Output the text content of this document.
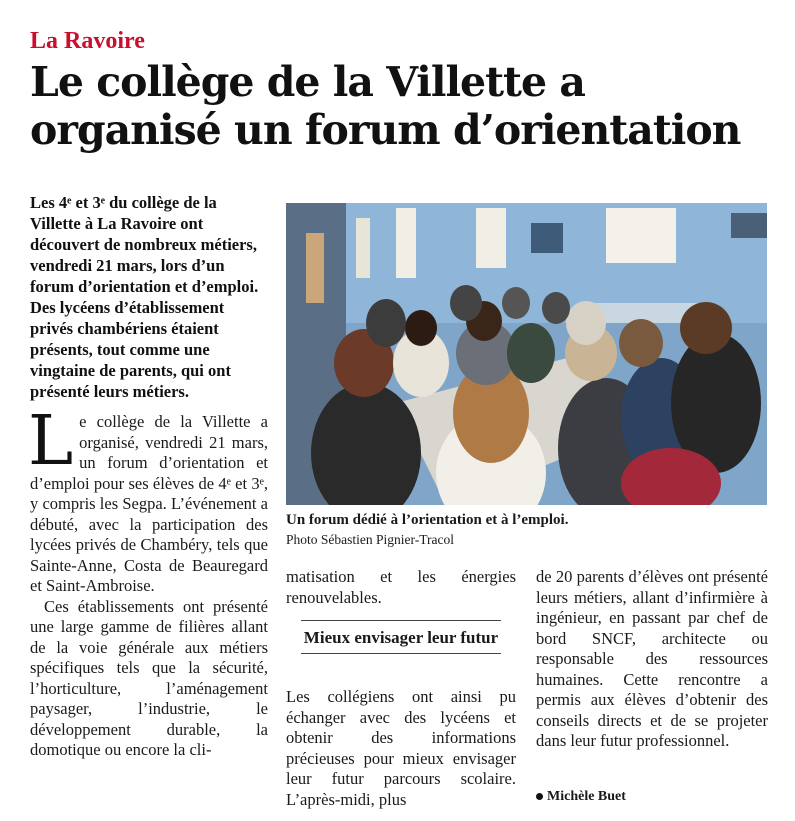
La Ravoire
Le collège de la Villette a
organisé un forum d’orientation
Les 4ᵉ et 3ᵉ du collège de la Villette à La Ravoire ont découvert de nombreux métiers, vendredi 21 mars, lors d’un forum d’orientation et d’emploi. Des lycéens d’établissement privés chambériens étaient présents, tout comme une vingtaine de parents, qui ont présenté leurs métiers.
L e collège de la Villette a organisé, vendredi 21 mars, un forum d’orientation et d’emploi pour ses élèves de 4ᵉ et 3ᵉ, y compris les Segpa. L’événement a débuté, avec la participation des lycées privés de Chambéry, tels que Sainte-Anne, Costa de Beauregard et Saint-Ambroise.

Ces établissements ont présenté une large gamme de filières allant de la voie générale aux métiers spécifiques tels que la sécurité, l’horticulture, l’aménagement paysager, l’industrie, le développement durable, la domotique ou encore la cli-

Un forum dédié à l’orientation et à l’emploi.
Photo Sébastien Pignier-Tracol
matisation et les énergies renouvelables.
Mieux envisager leur futur
Les collégiens ont ainsi pu échanger avec des lycéens et obtenir des informations précieuses pour mieux envisager leur futur parcours scolaire. L’après-midi, plus
de 20 parents d’élèves ont présenté leurs métiers, allant d’infirmière à ingénieur, en passant par chef de bord SNCF, architecte ou responsable des ressources humaines. Cette rencontre a permis aux élèves d’obtenir des conseils directs et de se projeter dans leur futur professionnel.
Michèle Buet
